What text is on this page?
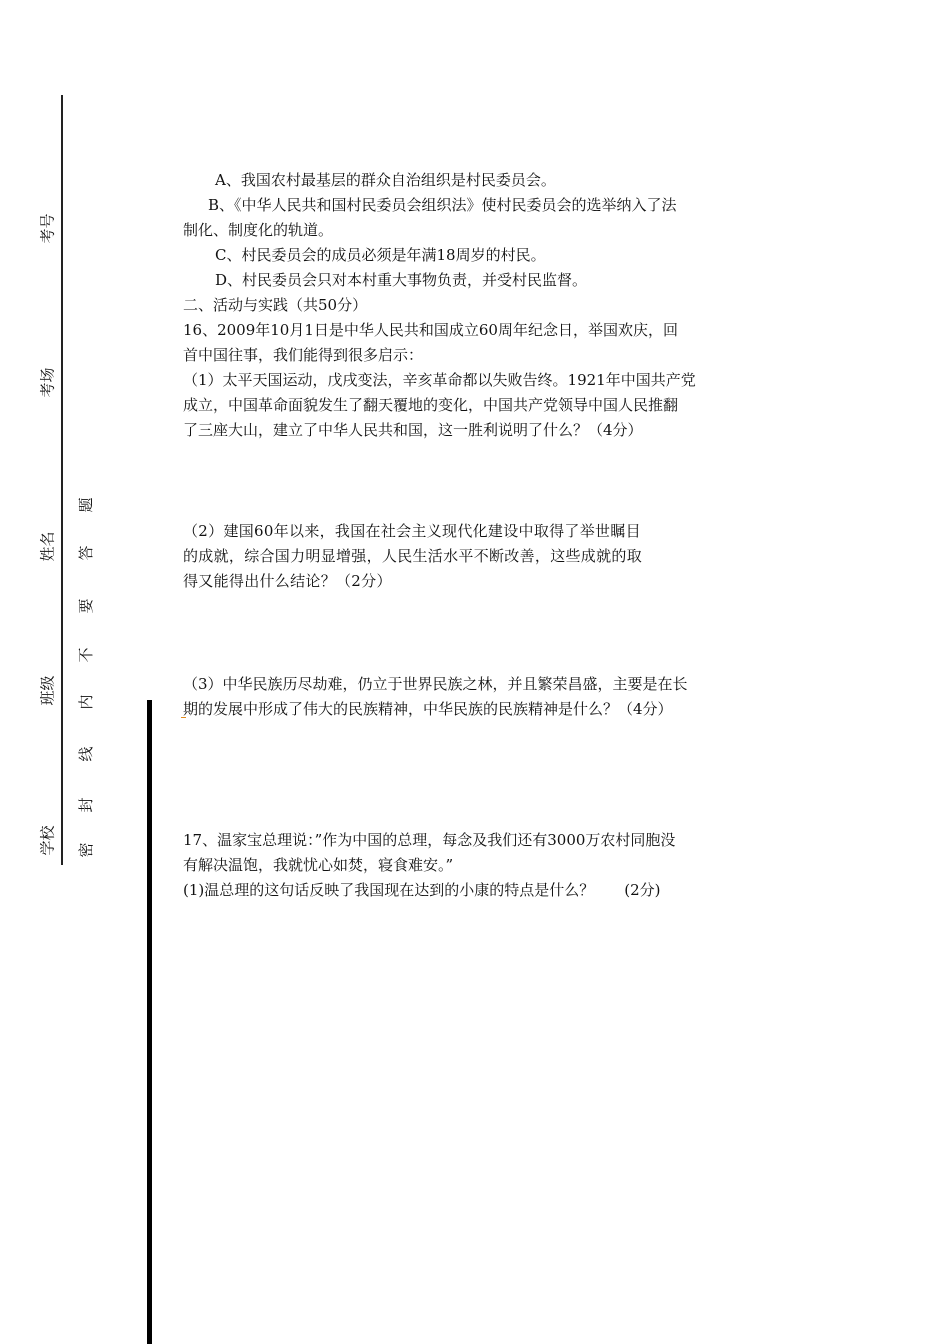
考号
考场
姓名
班级
学校
题
答
要
不
内
线
封
密

A、我国农村最基层的群众自治组织是村民委员会。

B、《中华人民共和国村民委员会组织法》使村民委员会的选举纳入了法

制化、制度化的轨道。

C、村民委员会的成员必须是年满18周岁的村民。

D、村民委员会只对本村重大事物负责，并受村民监督。

二、活动与实践（共50分）

16、2009年10月1日是中华人民共和国成立60周年纪念日，举国欢庆，回

首中国往事，我们能得到很多启示：

（1）太平天国运动，戊戌变法，辛亥革命都以失败告终。1921年中国共产党

成立，中国革命面貌发生了翻天覆地的变化，中国共产党领导中国人民推翻

了三座大山，建立了中华人民共和国，这一胜利说明了什么？（4分）

（2）建国60年以来，我国在社会主义现代化建设中取得了举世瞩目

的成就，综合国力明显增强，人民生活水平不断改善，这些成就的取

得又能得出什么结论？（2分）

（3）中华民族历尽劫难，仍立于世界民族之林，并且繁荣昌盛，主要是在长

期的发展中形成了伟大的民族精神，中华民族的民族精神是什么？（4分）

17、温家宝总理说：”作为中国的总理，每念及我们还有3000万农村同胞没

有解决温饱，我就忧心如焚，寝食难安。”

(1)温总理的这句话反映了我国现在达到的小康的特点是什么？　　(2分)
